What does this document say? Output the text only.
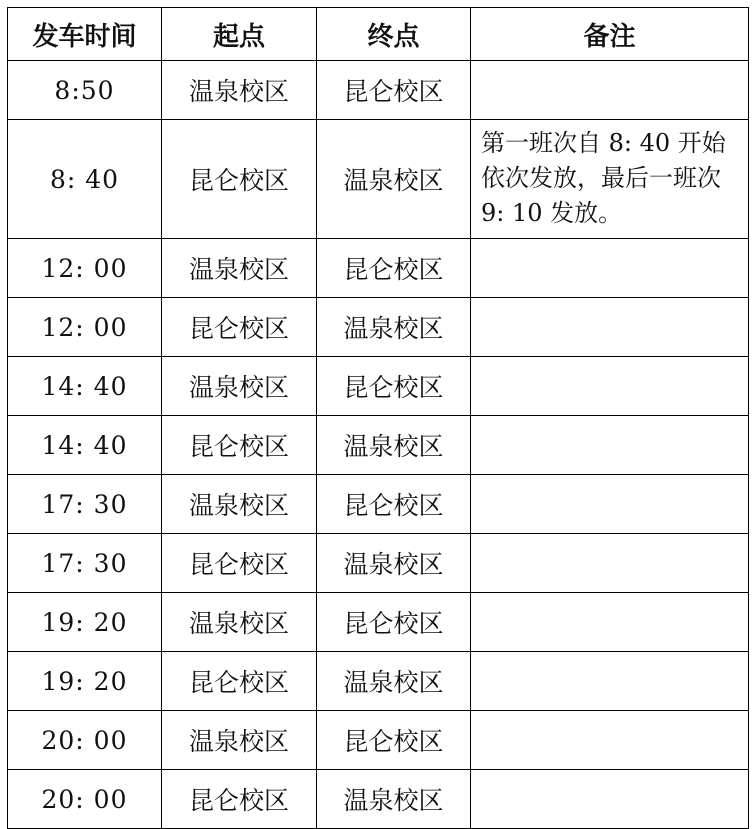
发车时间	起点	终点	备注
8:50	温泉校区	昆仑校区	
8: 40	昆仑校区	温泉校区	第一班次自 8: 40 开始依次发放，最后一班次 9: 10 发放。
12: 00	温泉校区	昆仑校区	
12: 00	昆仑校区	温泉校区	
14: 40	温泉校区	昆仑校区	
14: 40	昆仑校区	温泉校区	
17: 30	温泉校区	昆仑校区	
17: 30	昆仑校区	温泉校区	
19: 20	温泉校区	昆仑校区	
19: 20	昆仑校区	温泉校区	
20: 00	温泉校区	昆仑校区	
20: 00	昆仑校区	温泉校区	
